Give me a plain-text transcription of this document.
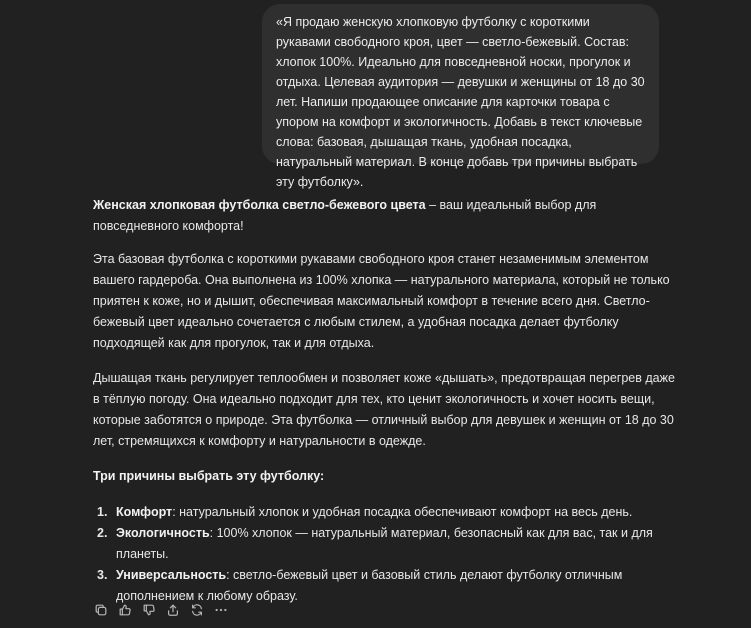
«Я продаю женскую хлопковую футболку с короткими рукавами свободного кроя, цвет — светло-бежевый. Состав: хлопок 100%. Идеально для повседневной носки, прогулок и отдыха. Целевая аудитория — девушки и женщины от 18 до 30 лет. Напиши продающее описание для карточки товара с упором на комфорт и экологичность. Добавь в текст ключевые слова: базовая, дышащая ткань, удобная посадка, натуральный материал. В конце добавь три причины выбрать эту футболку».

Женская хлопковая футболка светло-бежевого цвета – ваш идеальный выбор для повседневного комфорта!

Эта базовая футболка с короткими рукавами свободного кроя станет незаменимым элементом вашего гардероба. Она выполнена из 100% хлопка — натурального материала, который не только приятен к коже, но и дышит, обеспечивая максимальный комфорт в течение всего дня. Светло-бежевый цвет идеально сочетается с любым стилем, а удобная посадка делает футболку подходящей как для прогулок, так и для отдыха.

Дышащая ткань регулирует теплообмен и позволяет коже «дышать», предотвращая перегрев даже в тёплую погоду. Она идеально подходит для тех, кто ценит экологичность и хочет носить вещи, которые заботятся о природе. Эта футболка — отличный выбор для девушек и женщин от 18 до 30 лет, стремящихся к комфорту и натуральности в одежде.

Три причины выбрать эту футболку:

1. Комфорт: натуральный хлопок и удобная посадка обеспечивают комфорт на весь день.
2. Экологичность: 100% хлопок — натуральный материал, безопасный как для вас, так и для планеты.
3. Универсальность: светло-бежевый цвет и базовый стиль делают футболку отличным дополнением к любому образу.
